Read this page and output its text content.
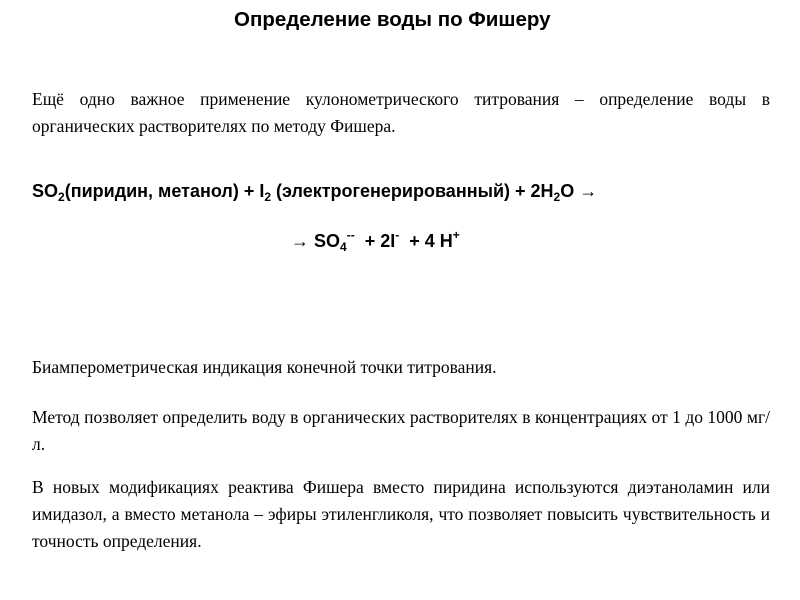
Определение воды по Фишеру

Ещё одно важное применение кулонометрического титрования – определение воды в органических растворителях по методу Фишера.

$SO_2(пиридин$, метанол) + $I_2$ (электрогенерированный) + $2H_2O$ →

→ $SO_4^{--} + 2I^- + 4$ H+

Биамперометрическая индикация конечной точки титрования.

Метод позволяет определить воду в органических растворителях в концентрациях от 1 до 1000 мг/л.

В новых модификациях реактива Фишера вместо пиридина используются диэтаноламин или имидазол, а вместо метанола – эфиры этиленгликоля, что позволяет повысить чувствительность и точность определения.
